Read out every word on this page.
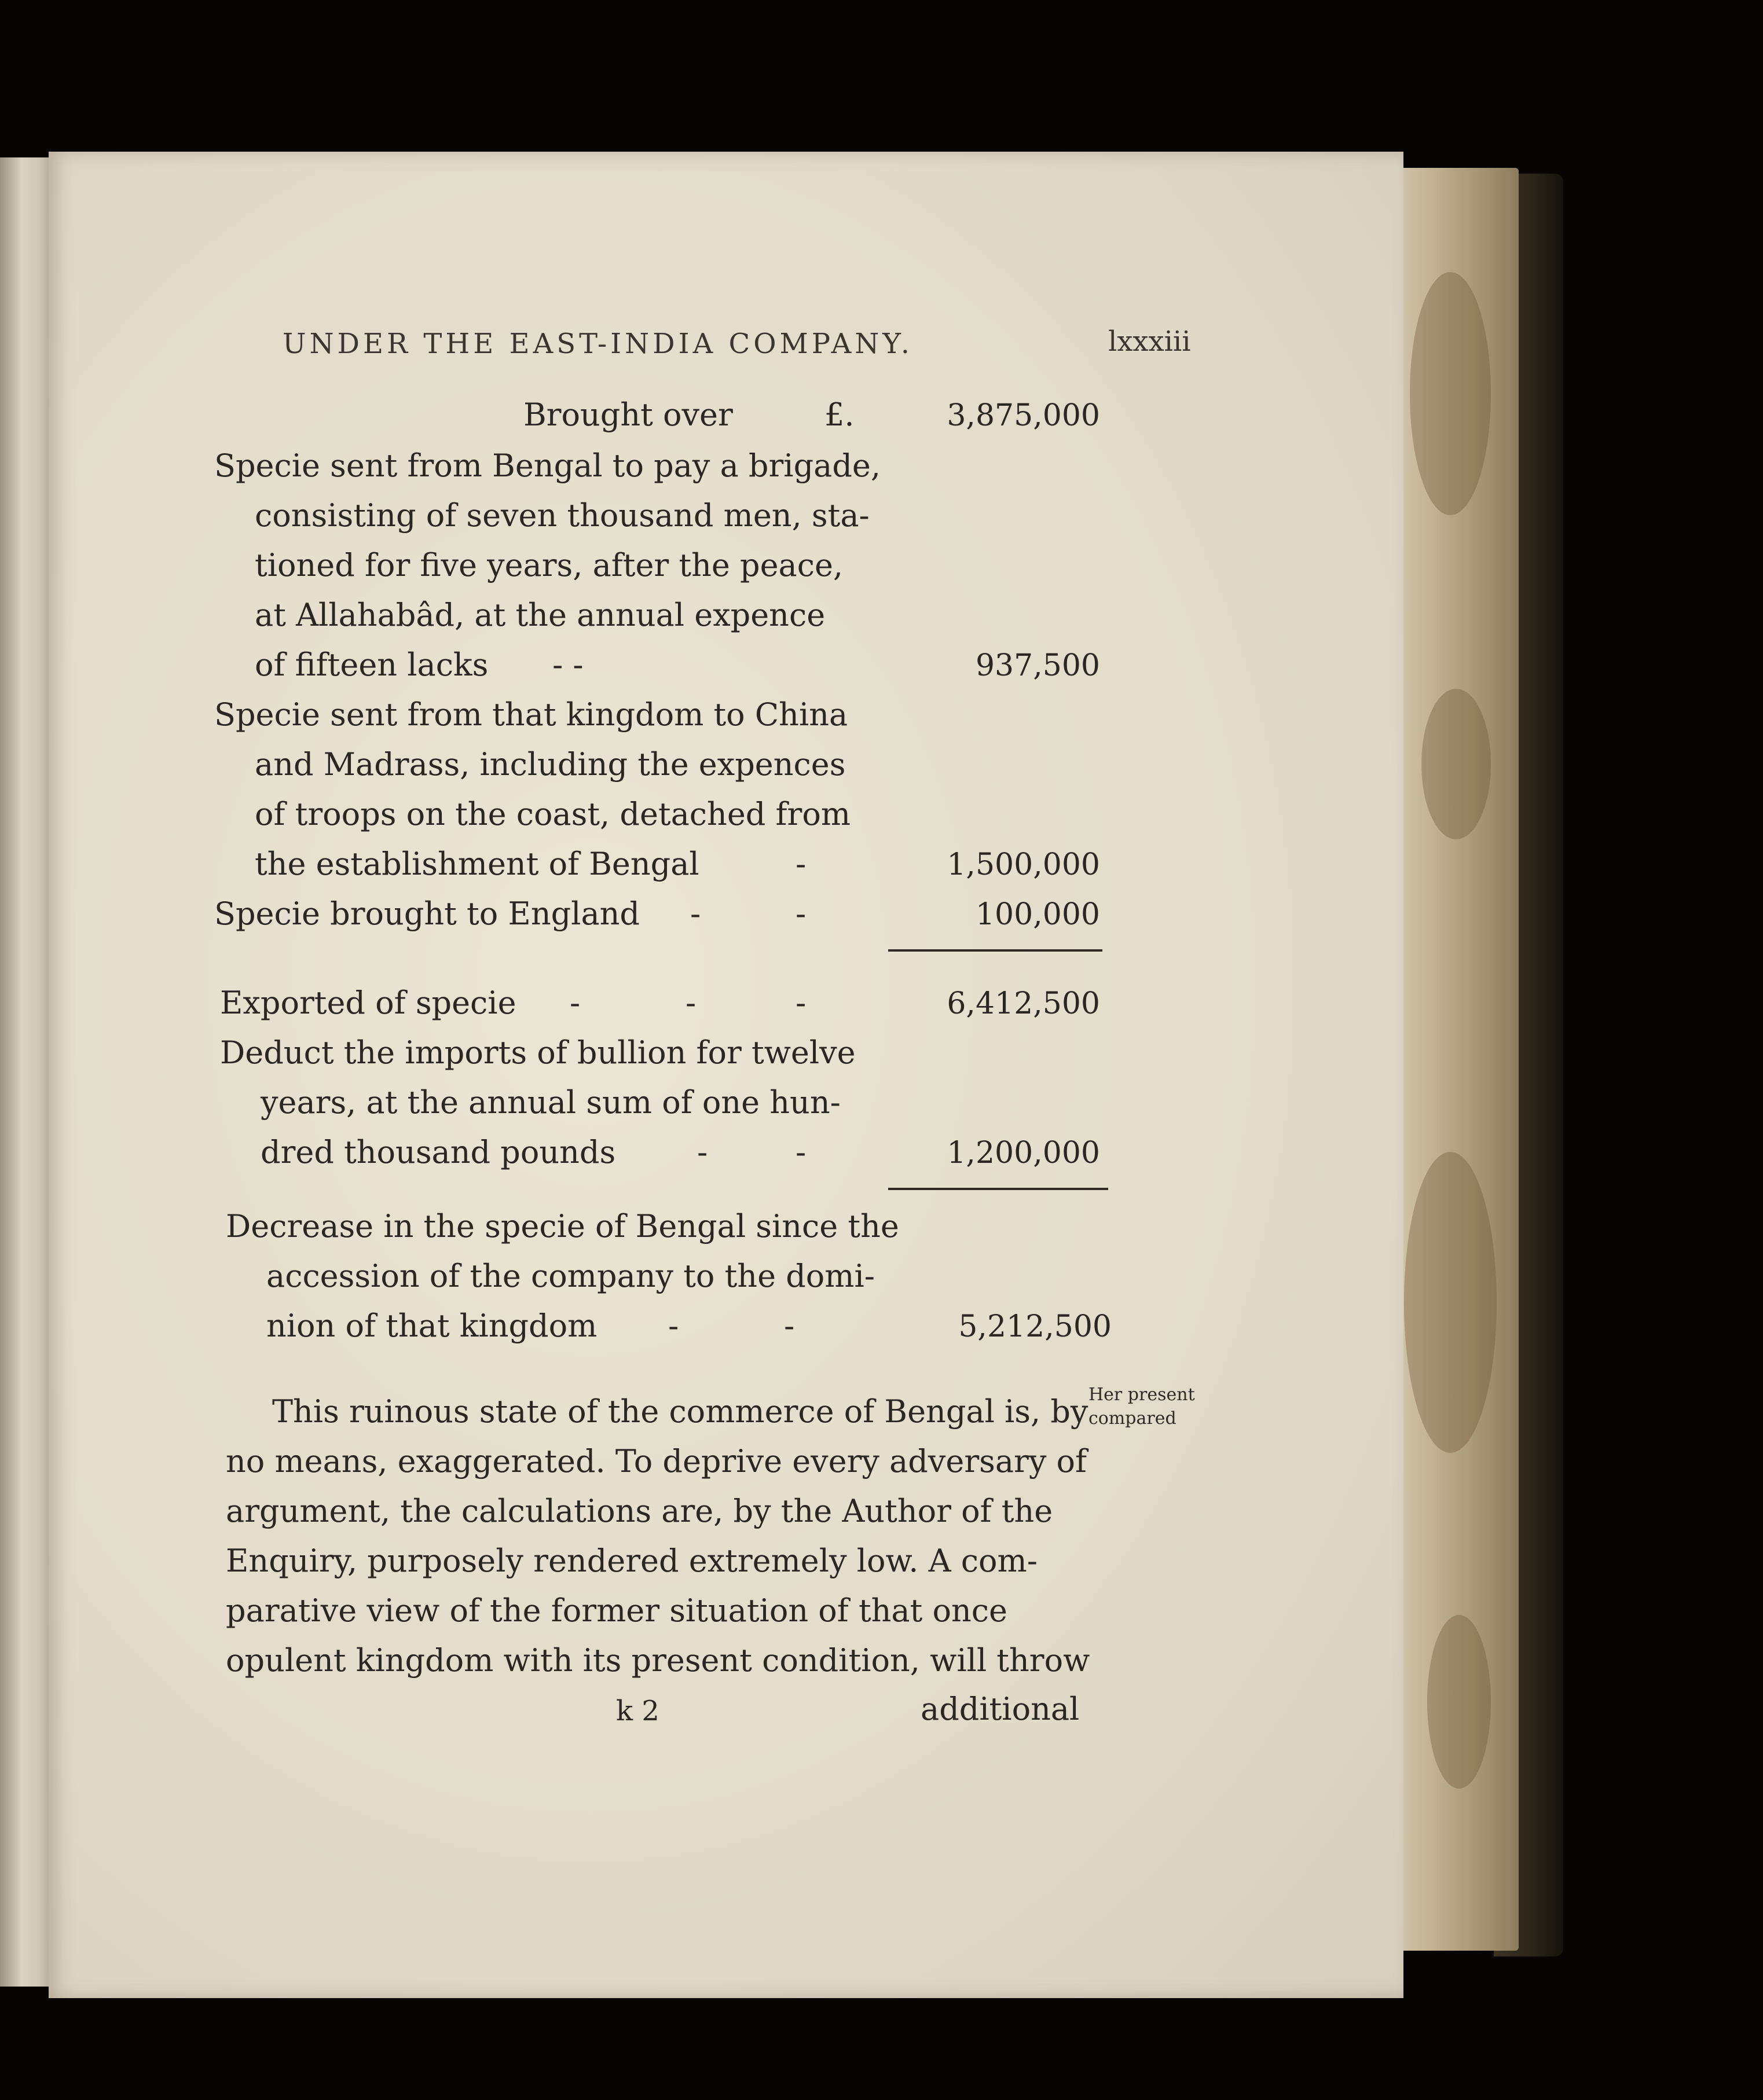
UNDER THE EAST-INDIA COMPANY.	lxxxiii
Brought over	£.	3,875,000
Specie sent from Bengal to pay a brigade,
consisting of seven thousand men, sta-
tioned for five years, after the peace,
at Allahabâd, at the annual expence
of fifteen lacks - -	937,500
Specie sent from that kingdom to China
and Madrass, including the expences
of troops on the coast, detached from
the establishment of Bengal	-	1,500,000
Specie brought to England -	-	100,000
Exported of specie -	-	-	6,412,500
Deduct the imports of bullion for twelve
years, at the annual sum of one hun-
dred thousand pounds	-	-	1,200,000
Decrease in the specie of Bengal since the
accession of the company to the domi-
nion of that kingdom -	-	5,212,500
This ruinous state of the commerce of Bengal is, by
no means, exaggerated. To deprive every adversary of
argument, the calculations are, by the Author of the
Enquiry, purposely rendered extremely low. A com-
parative view of the former situation of that once
opulent kingdom with its present condition, will throw
k 2	additional
Her present
compared
